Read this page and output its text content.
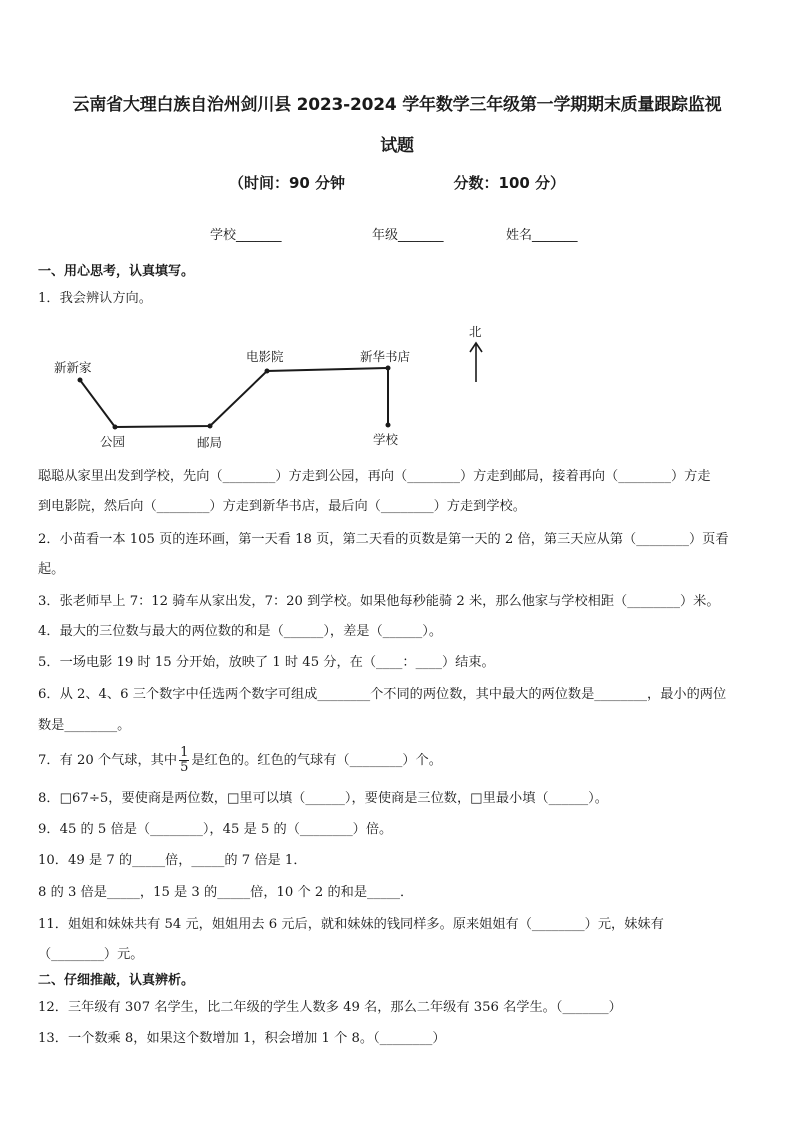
云南省大理白族自治州剑川县 2023-2024 学年数学三年级第一学期期末质量跟踪监视
试题
（时间：90 分钟	分数：100 分）
学校_______	年级_______	姓名_______
一、用心思考，认真填写。
1．我会辨认方向。
新新家
公园	邮局
电影院	新华书店
学校
北
聪聪从家里出发到学校，先向（________）方走到公园，再向（________）方走到邮局，接着再向（________）方走
到电影院，然后向（________）方走到新华书店，最后向（________）方走到学校。
2．小苗看一本 105 页的连环画，第一天看 18 页，第二天看的页数是第一天的 2 倍，第三天应从第（________）页看
起。
3．张老师早上 7：12 骑车从家出发，7：20 到学校。如果他每秒能骑 2 米，那么他家与学校相距（________）米。
4．最大的三位数与最大的两位数的和是（______），差是（______）。
5．一场电影 19 时 15 分开始，放映了 1 时 45 分，在（____：____）结束。
6．从 2、4、6 三个数字中任选两个数字可组成________个不同的两位数，其中最大的两位数是________，最小的两位
数是________。
7．有 20 个气球，其中 $\frac{1}{5}$ 是红色的。红色的气球有（________）个。
8．□67÷5，要使商是两位数，□里可以填（______），要使商是三位数，□里最小填（______）。
9．45 的 5 倍是（________），45 是 5 的（________）倍。
10．49 是 7 的_____倍，_____的 7 倍是 1．
8 的 3 倍是_____，15 是 3 的_____倍，10 个 2 的和是_____．
11．姐姐和妹妹共有 54 元，姐姐用去 6 元后，就和妹妹的钱同样多。原来姐姐有（________）元，妹妹有
（________）元。
二、仔细推敲，认真辨析。
12．三年级有 307 名学生，比二年级的学生人数多 49 名，那么二年级有 356 名学生。（_______）
13．一个数乘 8，如果这个数增加 1，积会增加 1 个 8。（________）
